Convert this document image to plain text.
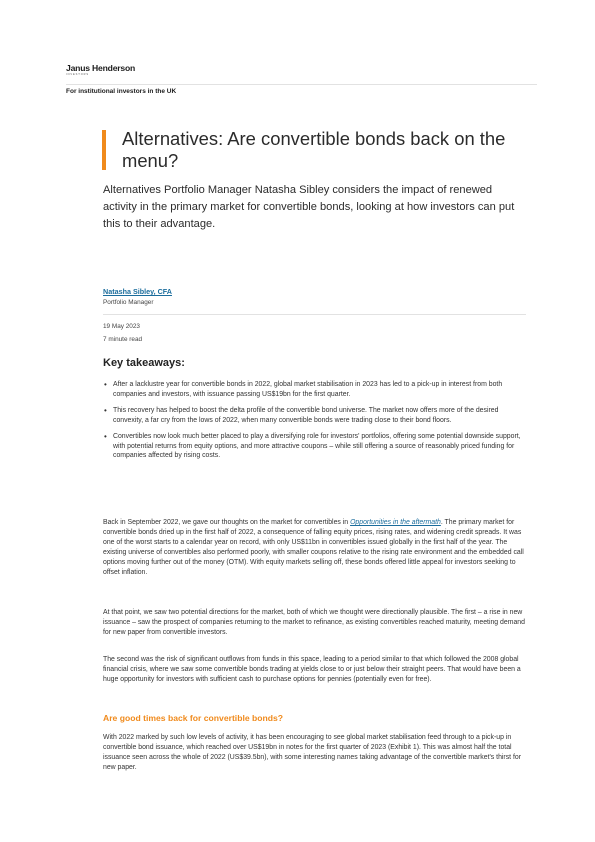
Janus Henderson
INVESTORS
For institutional investors in the UK
Alternatives: Are convertible bonds back on the menu?

Alternatives Portfolio Manager Natasha Sibley considers the impact of renewed activity in the primary market for convertible bonds, looking at how investors can put this to their advantage.

Natasha Sibley, CFA
Portfolio Manager
19 May 2023
7 minute read
Key takeaways:
• After a lacklustre year for convertible bonds in 2022, global market stabilisation in 2023 has led to a pick-up in interest from both companies and investors, with issuance passing US$19bn for the first quarter.
• This recovery has helped to boost the delta profile of the convertible bond universe. The market now offers more of the desired convexity, a far cry from the lows of 2022, when many convertible bonds were trading close to their bond floors.
• Convertibles now look much better placed to play a diversifying role for investors' portfolios, offering some potential downside support, with potential returns from equity options, and more attractive coupons – while still offering a source of reasonably priced funding for companies affected by rising costs.

Back in September 2022, we gave our thoughts on the market for convertibles in Opportunities in the aftermath. The primary market for convertible bonds dried up in the first half of 2022, a consequence of falling equity prices, rising rates, and widening credit spreads. It was one of the worst starts to a calendar year on record, with only US$11bn in convertibles issued globally in the first half of the year. The existing universe of convertibles also performed poorly, with smaller coupons relative to the rising rate environment and the embedded call options moving further out of the money (OTM). With equity markets selling off, these bonds offered little appeal for investors seeking to offset inflation.

At that point, we saw two potential directions for the market, both of which we thought were directionally plausible. The first – a rise in new issuance – saw the prospect of companies returning to the market to refinance, as existing convertibles reached maturity, meeting demand for new paper from convertible investors.

The second was the risk of significant outflows from funds in this space, leading to a period similar to that which followed the 2008 global financial crisis, where we saw some convertible bonds trading at yields close to or just below their straight peers. That would have been a huge opportunity for investors with sufficient cash to purchase options for pennies (potentially even for free).

Are good times back for convertible bonds?

With 2022 marked by such low levels of activity, it has been encouraging to see global market stabilisation feed through to a pick-up in convertible bond issuance, which reached over US$19bn in notes for the first quarter of 2023 (Exhibit 1). This was almost half the total issuance seen across the whole of 2022 (US$39.5bn), with some interesting names taking advantage of the convertible market's thirst for new paper.
